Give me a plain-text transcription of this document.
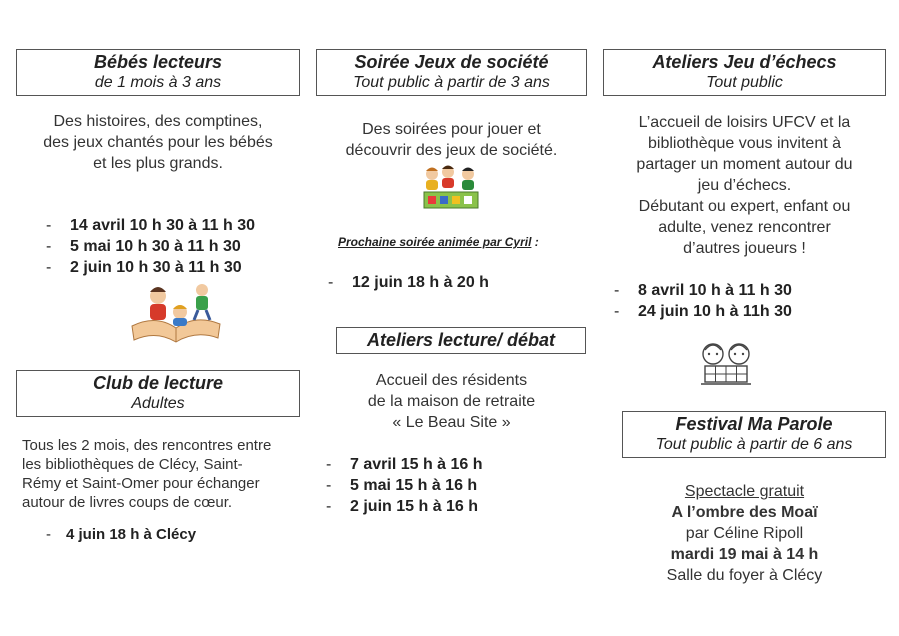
Bébés lecteurs
de 1 mois à 3 ans
Des histoires, des comptines,
des jeux chantés pour les bébés
et les plus grands.
- 14 avril 10 h 30 à 11 h 30
- 5 mai 10 h 30 à 11 h 30
- 2 juin 10 h 30 à 11 h 30
Club de lecture
Adultes
Tous les 2 mois, des rencontres entre
les bibliothèques de Clécy, Saint-
Rémy et Saint-Omer pour échanger
autour de livres coups de cœur.
- 4 juin 18 h à Clécy
Soirée Jeux de société
Tout public à partir de 3 ans
Des soirées pour jouer et
découvrir des jeux de société.
Prochaine soirée animée par Cyril :
- 12 juin 18 h à 20 h
Ateliers lecture/ débat
Accueil des résidents
de la maison de retraite
« Le Beau Site »
- 7 avril 15 h à 16 h
- 5 mai 15 h à 16 h
- 2 juin 15 h à 16 h
Ateliers Jeu d’échecs
Tout public
L’accueil de loisirs UFCV et la
bibliothèque vous invitent à
partager un moment autour du
jeu d’échecs.
Débutant ou expert, enfant ou
adulte, venez rencontrer
d’autres joueurs !
- 8 avril 10 h à 11 h 30
- 24 juin 10 h à 11h 30
Festival Ma Parole
Tout public à partir de 6 ans
Spectacle gratuit
A l’ombre des Moaï
par Céline Ripoll
mardi 19 mai à 14 h
Salle du foyer à Clécy
